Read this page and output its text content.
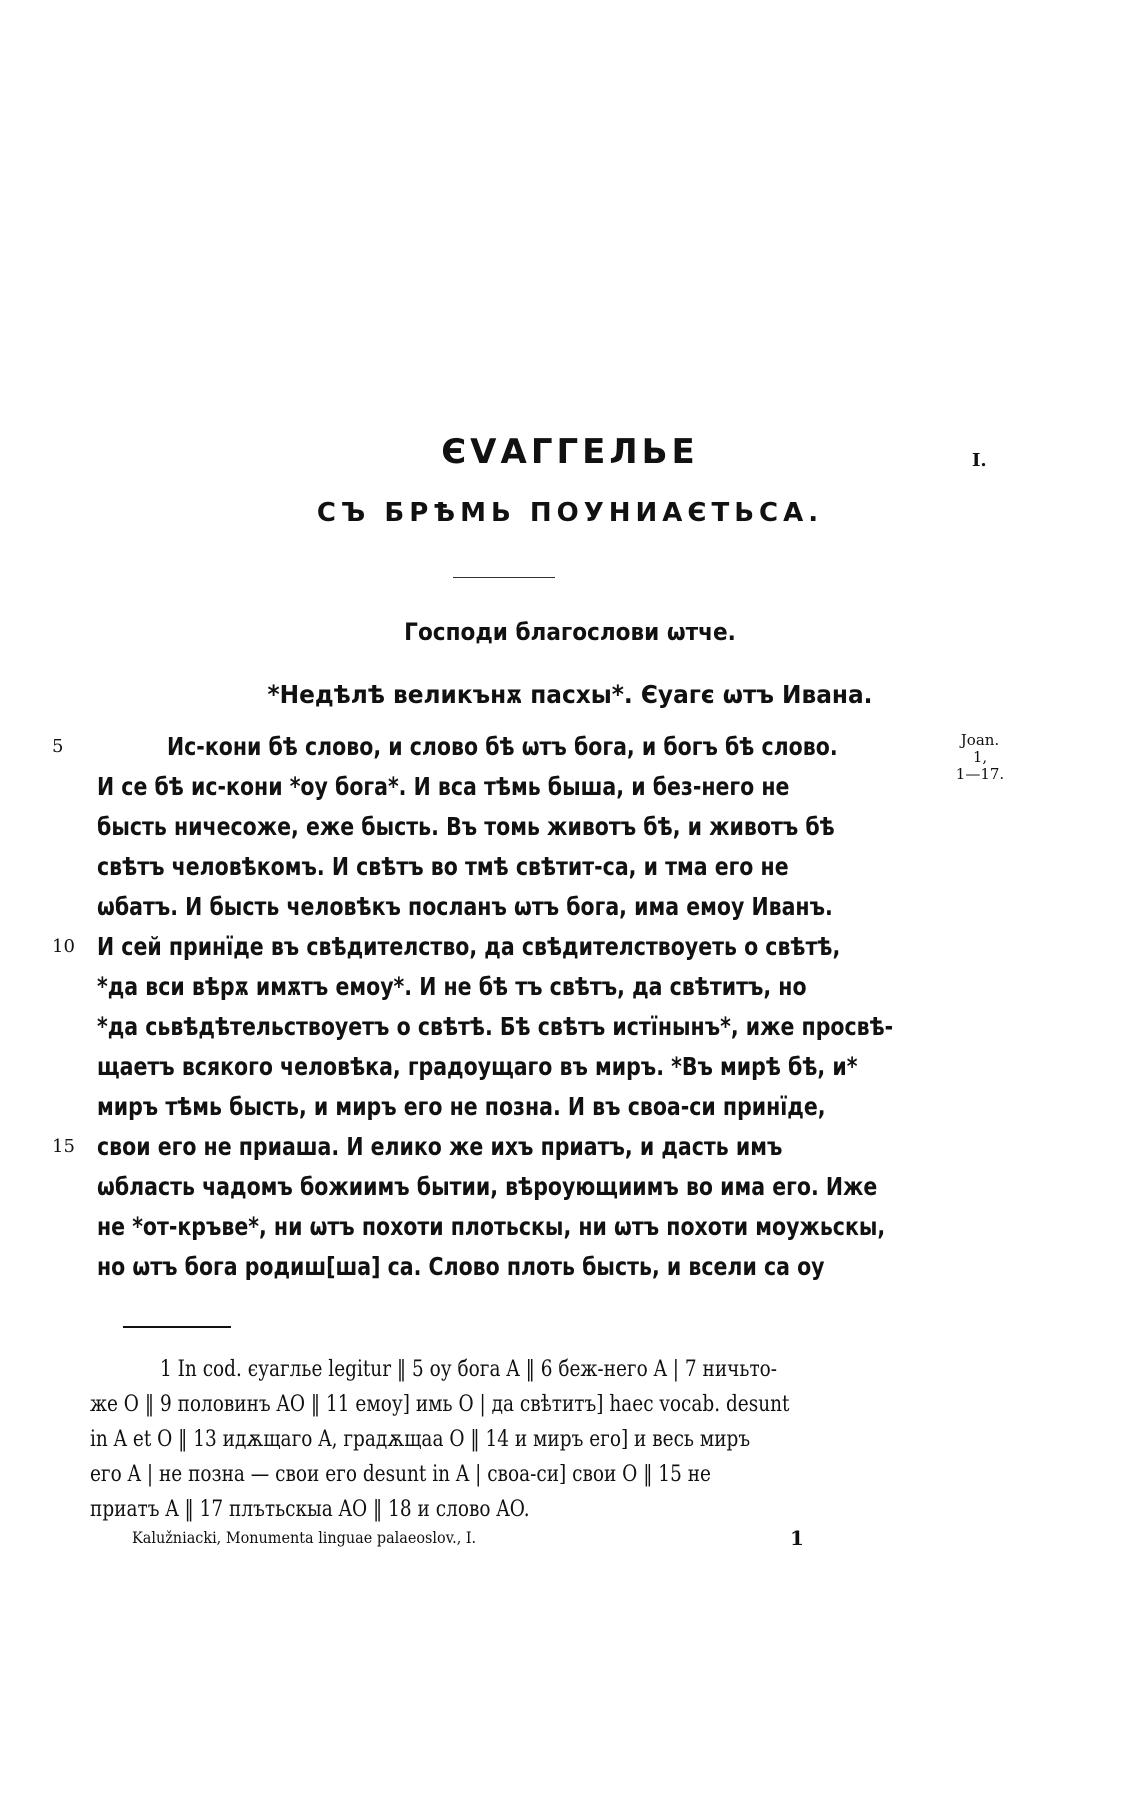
ЄVАГГЕЛЬЕ
СЪ БРѢМЬ ПОУНИАЄТЬСА.
I.
Господи благослови ѡтче.
*Недѣлѣ великънѫ пасхы*. Єуагє ѡтъ Ивана.
Joan.
1,
1—17.
5	Ис-кони бѣ слово, и слово бѣ ѡтъ бога, и богъ бѣ слово.
И се бѣ ис-кони *оу бога*. И вса тѣмь быша, и без-него не
бысть ничесоже, еже бысть. Въ томь животъ бѣ, и животъ бѣ
свѣтъ человѣкомъ. И свѣтъ во тмѣ свѣтит-са, и тма его не
ѡбатъ. И бысть человѣкъ посланъ ѡтъ бога, има емоу Иванъ.
10 И сей принїде въ свѣдителство, да свѣдителствоуеть о свѣтѣ,
*да вси вѣрѫ имѫтъ емоу*. И не бѣ тъ свѣтъ, да свѣтитъ, но
*да сьвѣдѣтельствоуетъ о свѣтѣ. Бѣ свѣтъ истїнынъ*, иже просвѣ-
щаетъ всякого человѣка, градоущаго въ миръ. *Въ мирѣ бѣ, и*
миръ тѣмь бысть, и миръ его не позна. И въ своа-си принїде,
15 свои его не приаша. И елико же ихъ приатъ, и дасть имъ
ѡбласть чадомъ божиимъ бытии, вѣроующиимъ во има его. Иже
не *от-кръве*, ни ѡтъ похоти плотьскы, ни ѡтъ похоти моужьскы,
но ѡтъ бога родиш[ша] са. Слово плоть бысть, и всели са оу
1 In cod. єуаглье legitur ‖ 5 оу бога A ‖ 6 беж-него A | 7 ничьто-
же O ‖ 9 половинъ AO ‖ 11 емоу] имь O | да свѣтитъ] haec vocab. desunt
in A et O ‖ 13 идѫщаго A, градѫщаа O ‖ 14 и миръ его] и весь миръ
его A | не позна — свои его desunt in A | своа-си] свои O ‖ 15 не
приатъ A ‖ 17 плътьскыа AO ‖ 18 и слово AO.
Kalužniacki, Monumenta linguae palaeoslov., I.	1
